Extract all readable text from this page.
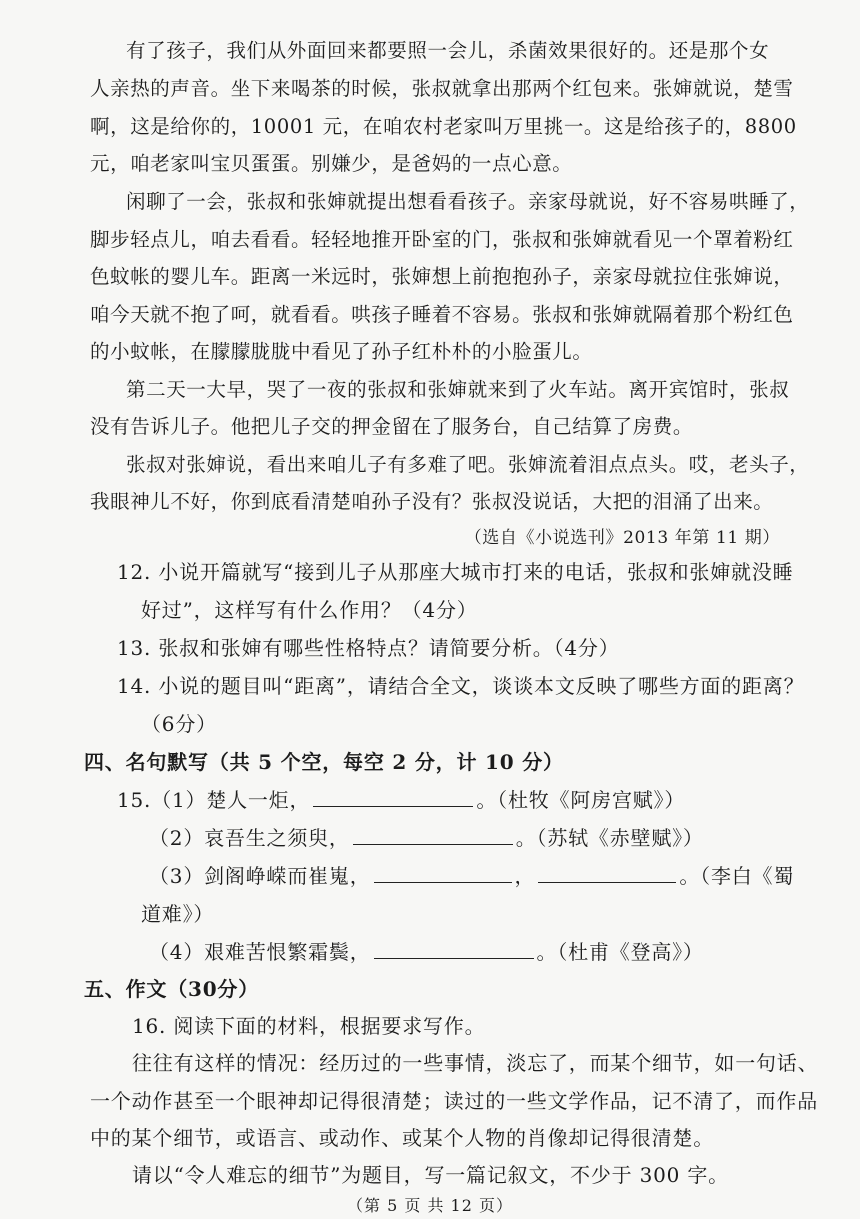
有了孩子，我们从外面回来都要照一会儿，杀菌效果很好的。还是那个女
人亲热的声音。坐下来喝茶的时候，张叔就拿出那两个红包来。张婶就说，楚雪
啊，这是给你的，10001 元，在咱农村老家叫万里挑一。这是给孩子的，8800
元，咱老家叫宝贝蛋蛋。别嫌少，是爸妈的一点心意。
闲聊了一会，张叔和张婶就提出想看看孩子。亲家母就说，好不容易哄睡了，
脚步轻点儿，咱去看看。轻轻地推开卧室的门，张叔和张婶就看见一个罩着粉红
色蚊帐的婴儿车。距离一米远时，张婶想上前抱抱孙子，亲家母就拉住张婶说，
咱今天就不抱了呵，就看看。哄孩子睡着不容易。张叔和张婶就隔着那个粉红色
的小蚊帐，在朦朦胧胧中看见了孙子红朴朴的小脸蛋儿。
第二天一大早，哭了一夜的张叔和张婶就来到了火车站。离开宾馆时，张叔
没有告诉儿子。他把儿子交的押金留在了服务台，自己结算了房费。
张叔对张婶说，看出来咱儿子有多难了吧。张婶流着泪点点头。哎，老头子，
我眼神儿不好，你到底看清楚咱孙子没有？张叔没说话，大把的泪涌了出来。
（选自《小说选刊》2013 年第 11 期）
12. 小说开篇就写“接到儿子从那座大城市打来的电话，张叔和张婶就没睡
好过”，这样写有什么作用？（4分）
13. 张叔和张婶有哪些性格特点？请简要分析。（4分）
14. 小说的题目叫“距离”，请结合全文，谈谈本文反映了哪些方面的距离？
（6分）
四、名句默写（共 5 个空，每空 2 分，计 10 分）
15.（1）楚人一炬，	。（杜牧《阿房宫赋》）
（2）哀吾生之须臾，	。（苏轼《赤壁赋》）
（3）剑阁峥嵘而崔嵬，	，	。（李白《蜀
道难》）
（4）艰难苦恨繁霜鬓，	。（杜甫《登高》）
五、作文（30分）
16. 阅读下面的材料，根据要求写作。
往往有这样的情况：经历过的一些事情，淡忘了，而某个细节，如一句话、
一个动作甚至一个眼神却记得很清楚；读过的一些文学作品，记不清了，而作品
中的某个细节，或语言、或动作、或某个人物的肖像却记得很清楚。
请以“令人难忘的细节”为题目，写一篇记叙文，不少于 300 字。
（第 5 页 共 12 页）
